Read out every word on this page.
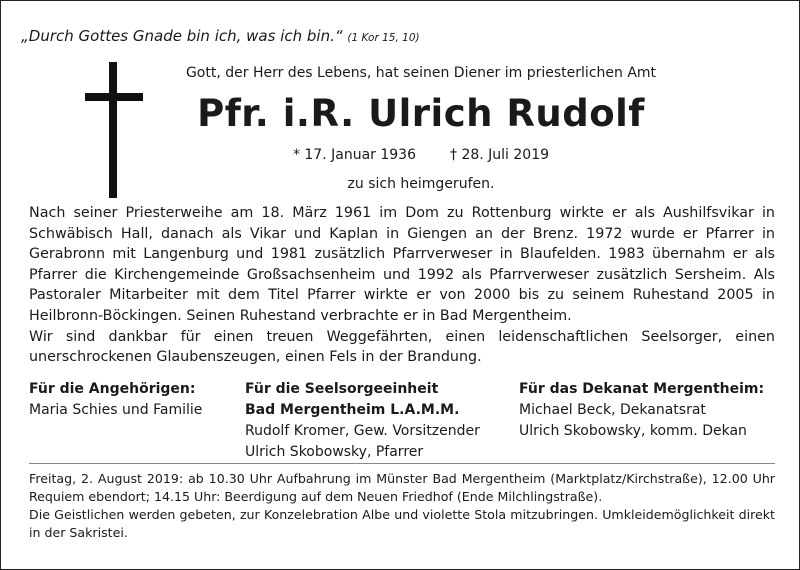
„Durch Gottes Gnade bin ich, was ich bin.“ (1 Kor 15, 10)
Gott, der Herr des Lebens, hat seinen Diener im priesterlichen Amt
Pfr. i.R. Ulrich Rudolf
* 17. Januar 1936 † 28. Juli 2019
zu sich heimgerufen.

Nach seiner Priesterweihe am 18. März 1961 im Dom zu Rottenburg wirkte er als Aushilfsvikar in Schwäbisch Hall, danach als Vikar und Kaplan in Giengen an der Brenz. 1972 wurde er Pfarrer in Gerabronn mit Langenburg und 1981 zusätzlich Pfarrverweser in Blaufelden. 1983 übernahm er als Pfarrer die Kirchengemeinde Großsachsenheim und 1992 als Pfarrverweser zusätzlich Sersheim. Als Pastoraler Mitarbeiter mit dem Titel Pfarrer wirkte er von 2000 bis zu seinem Ruhestand 2005 in Heilbronn-Böckingen. Seinen Ruhestand verbrachte er in Bad Mergentheim.

Wir sind dankbar für einen treuen Weggefährten, einen leidenschaftlichen Seelsorger, einen unerschrockenen Glaubenszeugen, einen Fels in der Brandung.

Für die Angehörigen:
Maria Schies und Familie
Für die Seelsorgeeinheit
Bad Mergentheim L.A.M.M.
Rudolf Kromer, Gew. Vorsitzender
Ulrich Skobowsky, Pfarrer
Für das Dekanat Mergentheim:
Michael Beck, Dekanatsrat
Ulrich Skobowsky, komm. Dekan

Freitag, 2. August 2019: ab 10.30 Uhr Aufbahrung im Münster Bad Mergentheim (Marktplatz/Kirchstraße), 12.00 Uhr Requiem ebendort; 14.15 Uhr: Beerdigung auf dem Neuen Friedhof (Ende Milchlingstraße).

Die Geistlichen werden gebeten, zur Konzelebration Albe und violette Stola mitzubringen. Umkleidemöglichkeit direkt in der Sakristei.
